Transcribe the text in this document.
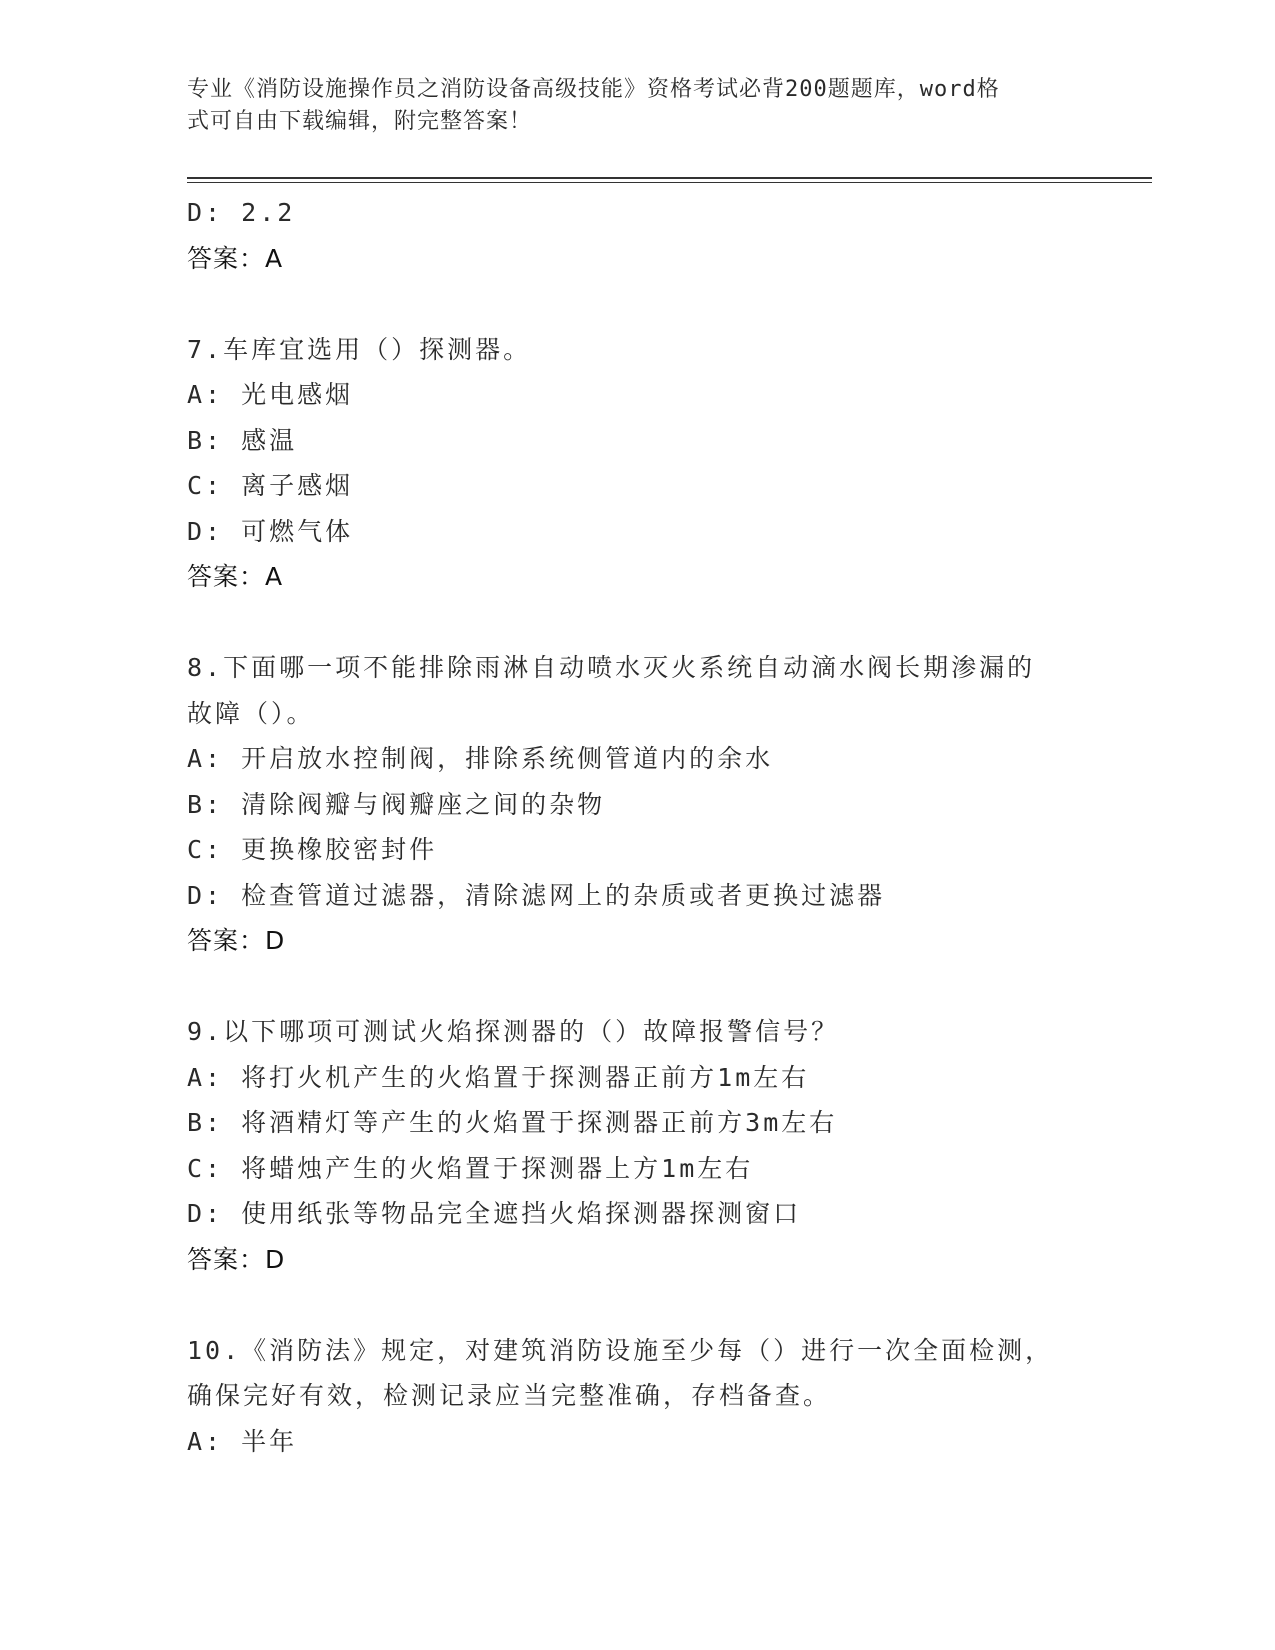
专业《消防设施操作员之消防设备高级技能》资格考试必背200题题库，word格
式可自由下载编辑，附完整答案！
D: 2.2
答案：A
7.车库宜选用（）探测器。
A: 光电感烟
B: 感温
C: 离子感烟
D: 可燃气体
答案：A
8.下面哪一项不能排除雨淋自动喷水灭火系统自动滴水阀长期渗漏的
故障（）。
A: 开启放水控制阀，排除系统侧管道内的余水
B: 清除阀瓣与阀瓣座之间的杂物
C: 更换橡胶密封件
D: 检查管道过滤器，清除滤网上的杂质或者更换过滤器
答案：D
9.以下哪项可测试火焰探测器的（）故障报警信号？
A: 将打火机产生的火焰置于探测器正前方1m左右
B: 将酒精灯等产生的火焰置于探测器正前方3m左右
C: 将蜡烛产生的火焰置于探测器上方1m左右
D: 使用纸张等物品完全遮挡火焰探测器探测窗口
答案：D
10.《消防法》规定，对建筑消防设施至少每（）进行一次全面检测，
确保完好有效，检测记录应当完整准确，存档备查。
A: 半年
